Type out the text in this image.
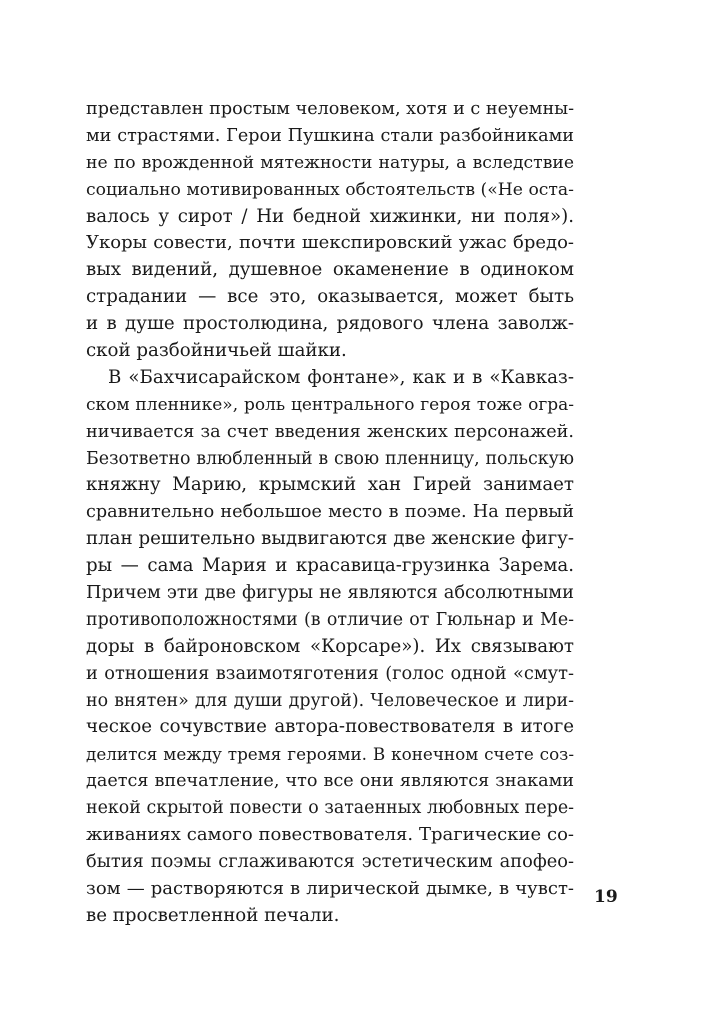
представлен простым человеком, хотя и с неуемны-
ми страстями. Герои Пушкина стали разбойниками
не по врожденной мятежности натуры, а вследствие
социально мотивированных обстоятельств («Не оста-
валось у сирот / Ни бедной хижинки, ни поля»).
Укоры совести, почти шекспировский ужас бредо-
вых видений, душевное окаменение в одиноком
страдании — все это, оказывается, может быть
и в душе простолюдина, рядового члена заволж-
ской разбойничьей шайки.
В «Бахчисарайском фонтане», как и в «Кавказ-
ском пленнике», роль центрального героя тоже огра-
ничивается за счет введения женских персонажей.
Безответно влюбленный в свою пленницу, польскую
княжну Марию, крымский хан Гирей занимает
сравнительно небольшое место в поэме. На первый
план решительно выдвигаются две женские фигу-
ры — сама Мария и красавица-грузинка Зарема.
Причем эти две фигуры не являются абсолютными
противоположностями (в отличие от Гюльнар и Ме-
доры в байроновском «Корсаре»). Их связывают
и отношения взаимотяготения (голос одной «смут-
но внятен» для души другой). Человеческое и лири-
ческое сочувствие автора-повествователя в итоге
делится между тремя героями. В конечном счете соз-
дается впечатление, что все они являются знаками
некой скрытой повести о затаенных любовных пере-
живаниях самого повествователя. Трагические со-
бытия поэмы сглаживаются эстетическим апофео-
зом — растворяются в лирической дымке, в чувст-
ве просветленной печали.
19
